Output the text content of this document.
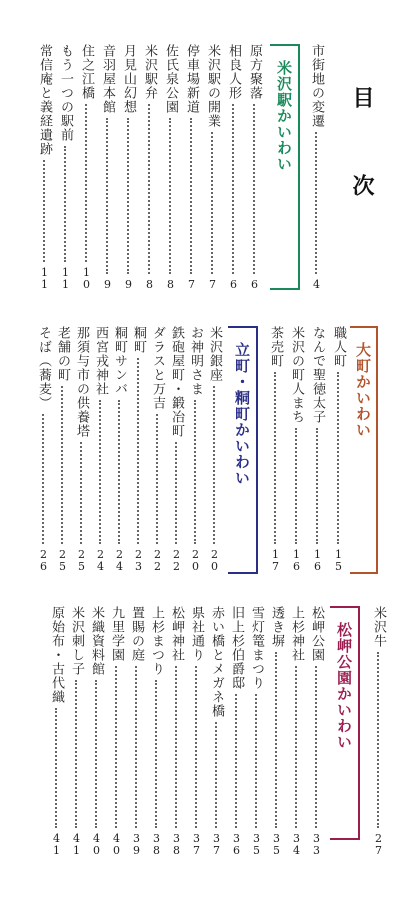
目　次
市街地の変遷
4
米沢駅かいわい
原方聚落
6
相良人形
6
米沢駅の開業
7
停車場新道
7
佐氏泉公園
8
米沢駅弁
8
月見山幻想
9
音羽屋本館
9
住之江橋
10
もう一つの駅前
11
常信庵と義経遺跡
11
大町かいわい
職人町
15
なんで聖徳太子
16
米沢の町人まち
16
茶売町
17
立町・粡町かいわい
米沢銀座
20
お神明さま
20
鉄砲屋町・鍛冶町
22
ダラスと万吉
22
粡町
23
粡町サンバ
24
西宮戎神社
24
那須与市の供養塔
25
老舗の町
25
そば（蕎麦）
26
米沢牛
27
松岬公園かいわい
松岬公園
33
上杉神社
34
透き塀
35
雪灯篭まつり
35
旧上杉伯爵邸
36
赤い橋とメガネ橋
37
県社通り
37
松岬神社
38
上杉まつり
38
置賜の庭
39
九里学園
40
米織資料館
40
米沢刺し子
41
原始布・古代織
41
